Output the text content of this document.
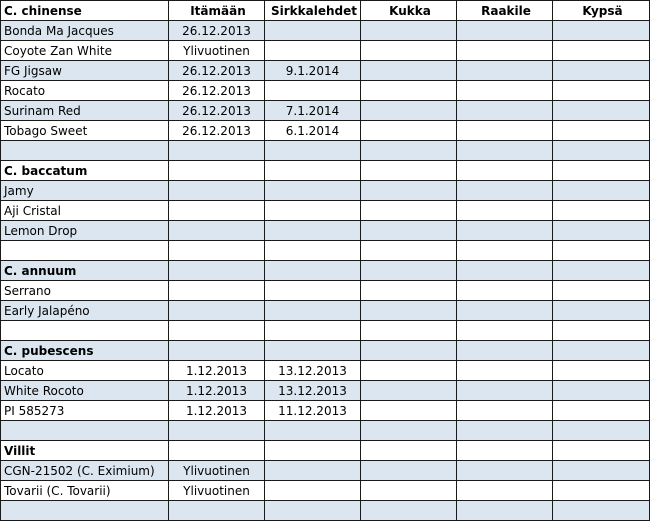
C. chinense	Itämään	Sirkkalehdet	Kukka	Raakile	Kypsä
Bonda Ma Jacques	26.12.2013				
Coyote Zan White	Ylivuotinen				
FG Jigsaw	26.12.2013	9.1.2014			
Rocato	26.12.2013				
Surinam Red	26.12.2013	7.1.2014			
Tobago Sweet	26.12.2013	6.1.2014			

C. baccatum					
Jamy					
Aji Cristal					
Lemon Drop					

C. annuum					
Serrano					
Early Jalapéno					

C. pubescens					
Locato	1.12.2013	13.12.2013			
White Rocoto	1.12.2013	13.12.2013			
PI 585273	1.12.2013	11.12.2013			

Villit					
CGN-21502 (C. Eximium)	Ylivuotinen				
Tovarii (C. Tovarii)	Ylivuotinen				
